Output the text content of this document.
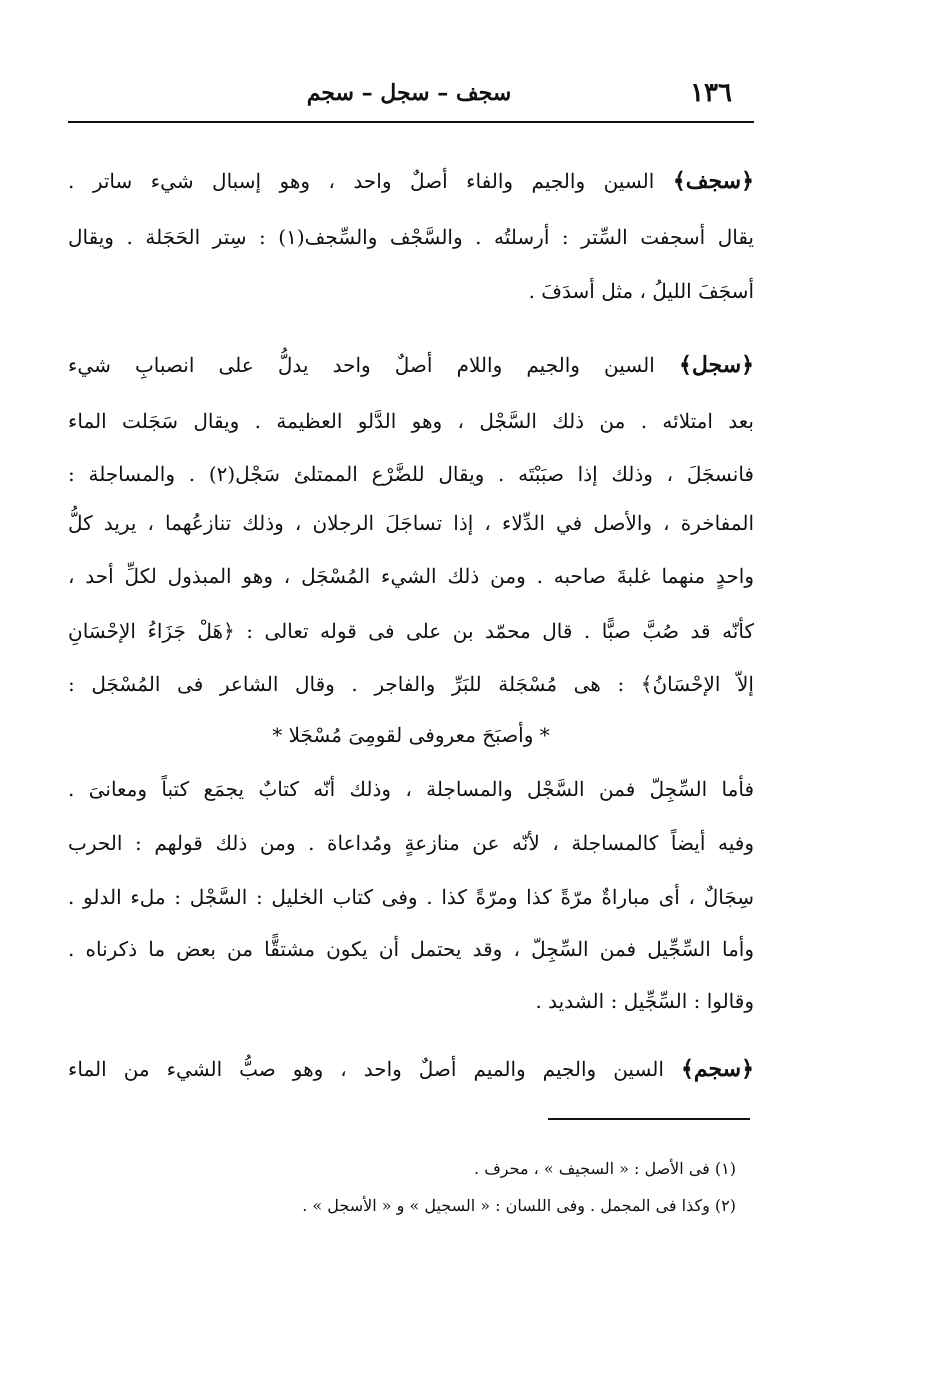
١٣٦
سجف – سجل – سجم
﴿سجف﴾ السين والجيم والفاء أصلٌ واحد ، وهو إسبال شيء ساتر .
يقال أسجفت السِّتر : أرسلتُه . والسَّجْف والسِّجف(١) : سِتر الحَجَلة . ويقال
أسجَفَ الليلُ ، مثل أسدَفَ .
﴿سجل﴾ السين والجيم واللام أصلٌ واحد يدلُّ على انصبابِ شيء
بعد امتلائه . من ذلك السَّجْل ، وهو الدَّلو العظيمة . ويقال سَجَلت الماء
فانسجَلَ ، وذلك إذا صبَبْتَه . ويقال للضَّرْع الممتلئ سَجْل(٢) . والمساجلة :
المفاخرة ، والأصل في الدِّلاء ، إذا تساجَلَ الرجلان ، وذلك تنازعُهما ، يريد كلُّ
واحدٍ منهما غلبةَ صاحبه . ومن ذلك الشيء المُسْجَل ، وهو المبذول لكلِّ أحد ،
كأنّه قد صُبَّ صبًّا . قال محمّد بن على فى قوله تعالى : ﴿هَلْ جَزَاءُ الإحْسَانِ
إلاّ الإحْسَانُ﴾ : هى مُسْجَلة للبَرِّ والفاجر . وقال الشاعر فى المُسْجَل :
* وأصبَحَ معروفى لقومِىَ مُسْجَلا *
فأما السِّجِلّ فمن السَّجْل والمساجلة ، وذلك أنّه كتابٌ يجمَع كتباً ومعانىَ .
وفيه أيضاً كالمساجلة ، لأنّه عن منازعةٍ ومُداعاة . ومن ذلك قولهم : الحرب
سِجَالٌ ، أى مباراةٌ مرّةً كذا ومرّةً كذا . وفى كتاب الخليل : السَّجْل : ملء الدلو .
وأما السِّجِّيل فمن السِّجِلّ ، وقد يحتمل أن يكون مشتقًّا من بعض ما ذكرناه .
وقالوا : السِّجِّيل : الشديد .
﴿سجم﴾ السين والجيم والميم أصلٌ واحد ، وهو صبُّ الشيء من الماء
(١) فى الأصل : « السجيف » ، محرف .
(٢) وكذا فى المجمل . وفى اللسان : « السجيل » و « الأسجل » .
